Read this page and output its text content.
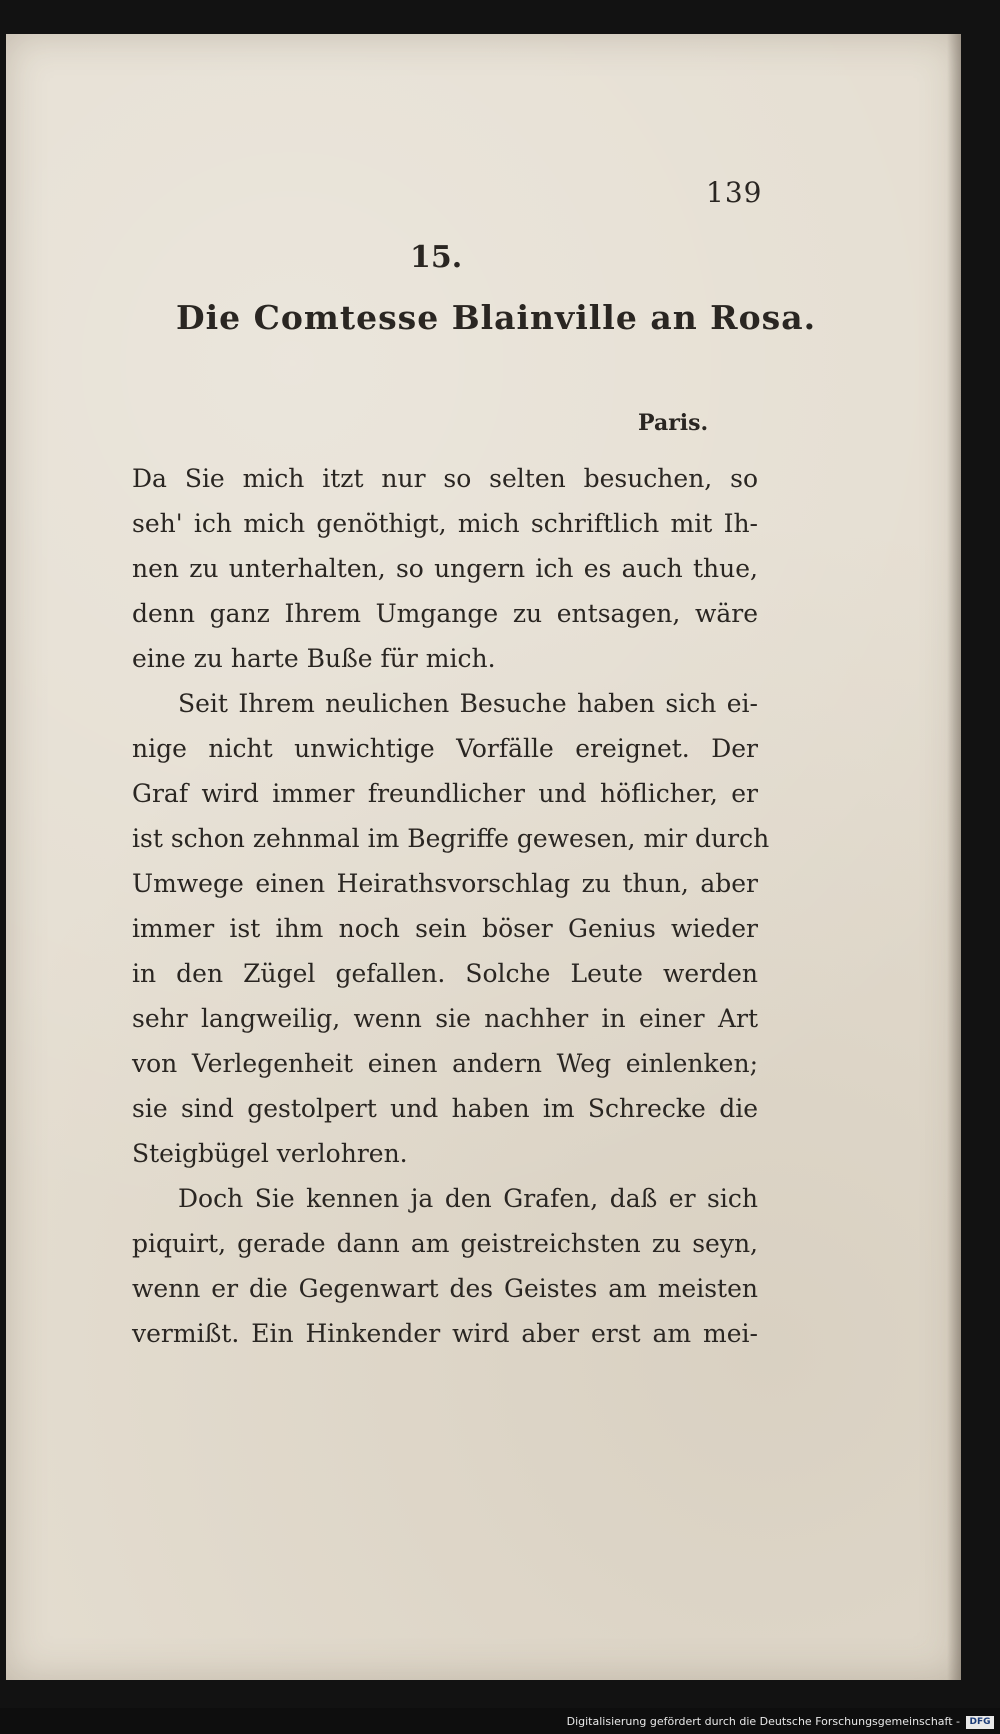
139
15.
Die Comtesse Blainville an Rosa.
Paris.
Da Sie mich itzt nur so selten besuchen, so
seh' ich mich genöthigt, mich schriftlich mit Ih-
nen zu unterhalten, so ungern ich es auch thue,
denn ganz Ihrem Umgange zu entsagen, wäre
eine zu harte Buße für mich.
Seit Ihrem neulichen Besuche haben sich ei-
nige nicht unwichtige Vorfälle ereignet. Der
Graf wird immer freundlicher und höflicher, er
ist schon zehnmal im Begriffe gewesen, mir durch
Umwege einen Heirathsvorschlag zu thun, aber
immer ist ihm noch sein böser Genius wieder
in den Zügel gefallen. Solche Leute werden
sehr langweilig, wenn sie nachher in einer Art
von Verlegenheit einen andern Weg einlenken;
sie sind gestolpert und haben im Schrecke die
Steigbügel verlohren.
Doch Sie kennen ja den Grafen, daß er sich
piquirt, gerade dann am geistreichsten zu seyn,
wenn er die Gegenwart des Geistes am meisten
vermißt. Ein Hinkender wird aber erst am mei-
Digitalisierung gefördert durch die Deutsche Forschungsgemeinschaft -	DFG
